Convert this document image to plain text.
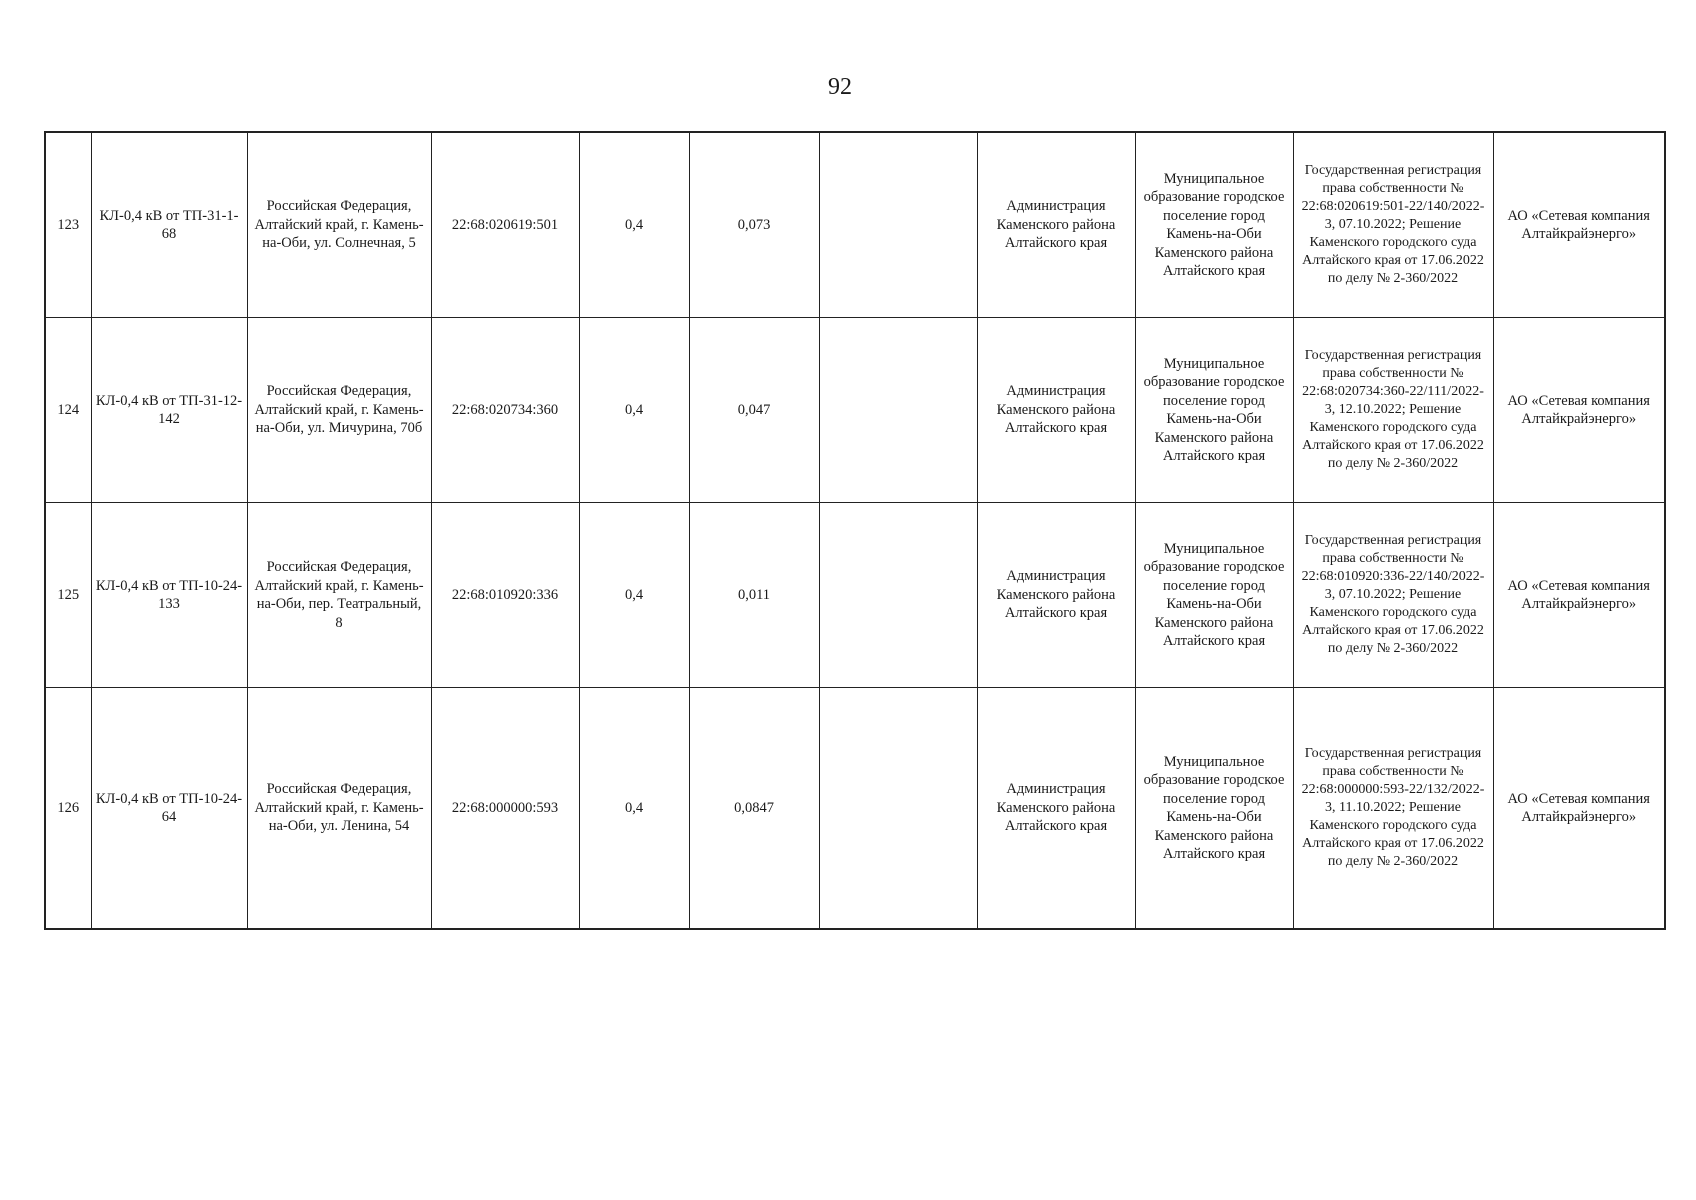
92
123	КЛ-0,4 кВ от ТП-31-1-68	Российская Федерация, Алтайский край, г. Камень-на-Оби, ул. Солнечная, 5	22:68:020619:501	0,4	0,073		Администрация Каменского района Алтайского края	Муниципальное образование городское поселение город Камень-на-Оби Каменского района Алтайского края	Государственная регистрация права собственности № 22:68:020619:501-22/140/2022-3, 07.10.2022; Решение Каменского городского суда Алтайского края от 17.06.2022 по делу № 2-360/2022	АО «Сетевая компания Алтайкрайэнерго»
124	КЛ-0,4 кВ от ТП-31-12-142	Российская Федерация, Алтайский край, г. Камень-на-Оби, ул. Мичурина, 70б	22:68:020734:360	0,4	0,047		Администрация Каменского района Алтайского края	Муниципальное образование городское поселение город Камень-на-Оби Каменского района Алтайского края	Государственная регистрация права собственности № 22:68:020734:360-22/111/2022-3, 12.10.2022; Решение Каменского городского суда Алтайского края от 17.06.2022 по делу № 2-360/2022	АО «Сетевая компания Алтайкрайэнерго»
125	КЛ-0,4 кВ от ТП-10-24-133	Российская Федерация, Алтайский край, г. Камень-на-Оби, пер. Театральный, 8	22:68:010920:336	0,4	0,011		Администрация Каменского района Алтайского края	Муниципальное образование городское поселение город Камень-на-Оби Каменского района Алтайского края	Государственная регистрация права собственности № 22:68:010920:336-22/140/2022-3, 07.10.2022; Решение Каменского городского суда Алтайского края от 17.06.2022 по делу № 2-360/2022	АО «Сетевая компания Алтайкрайэнерго»
126	КЛ-0,4 кВ от ТП-10-24-64	Российская Федерация, Алтайский край, г. Камень-на-Оби, ул. Ленина, 54	22:68:000000:593	0,4	0,0847		Администрация Каменского района Алтайского края	Муниципальное образование городское поселение город Камень-на-Оби Каменского района Алтайского края	Государственная регистрация права собственности № 22:68:000000:593-22/132/2022-3, 11.10.2022; Решение Каменского городского суда Алтайского края от 17.06.2022 по делу № 2-360/2022	АО «Сетевая компания Алтайкрайэнерго»
